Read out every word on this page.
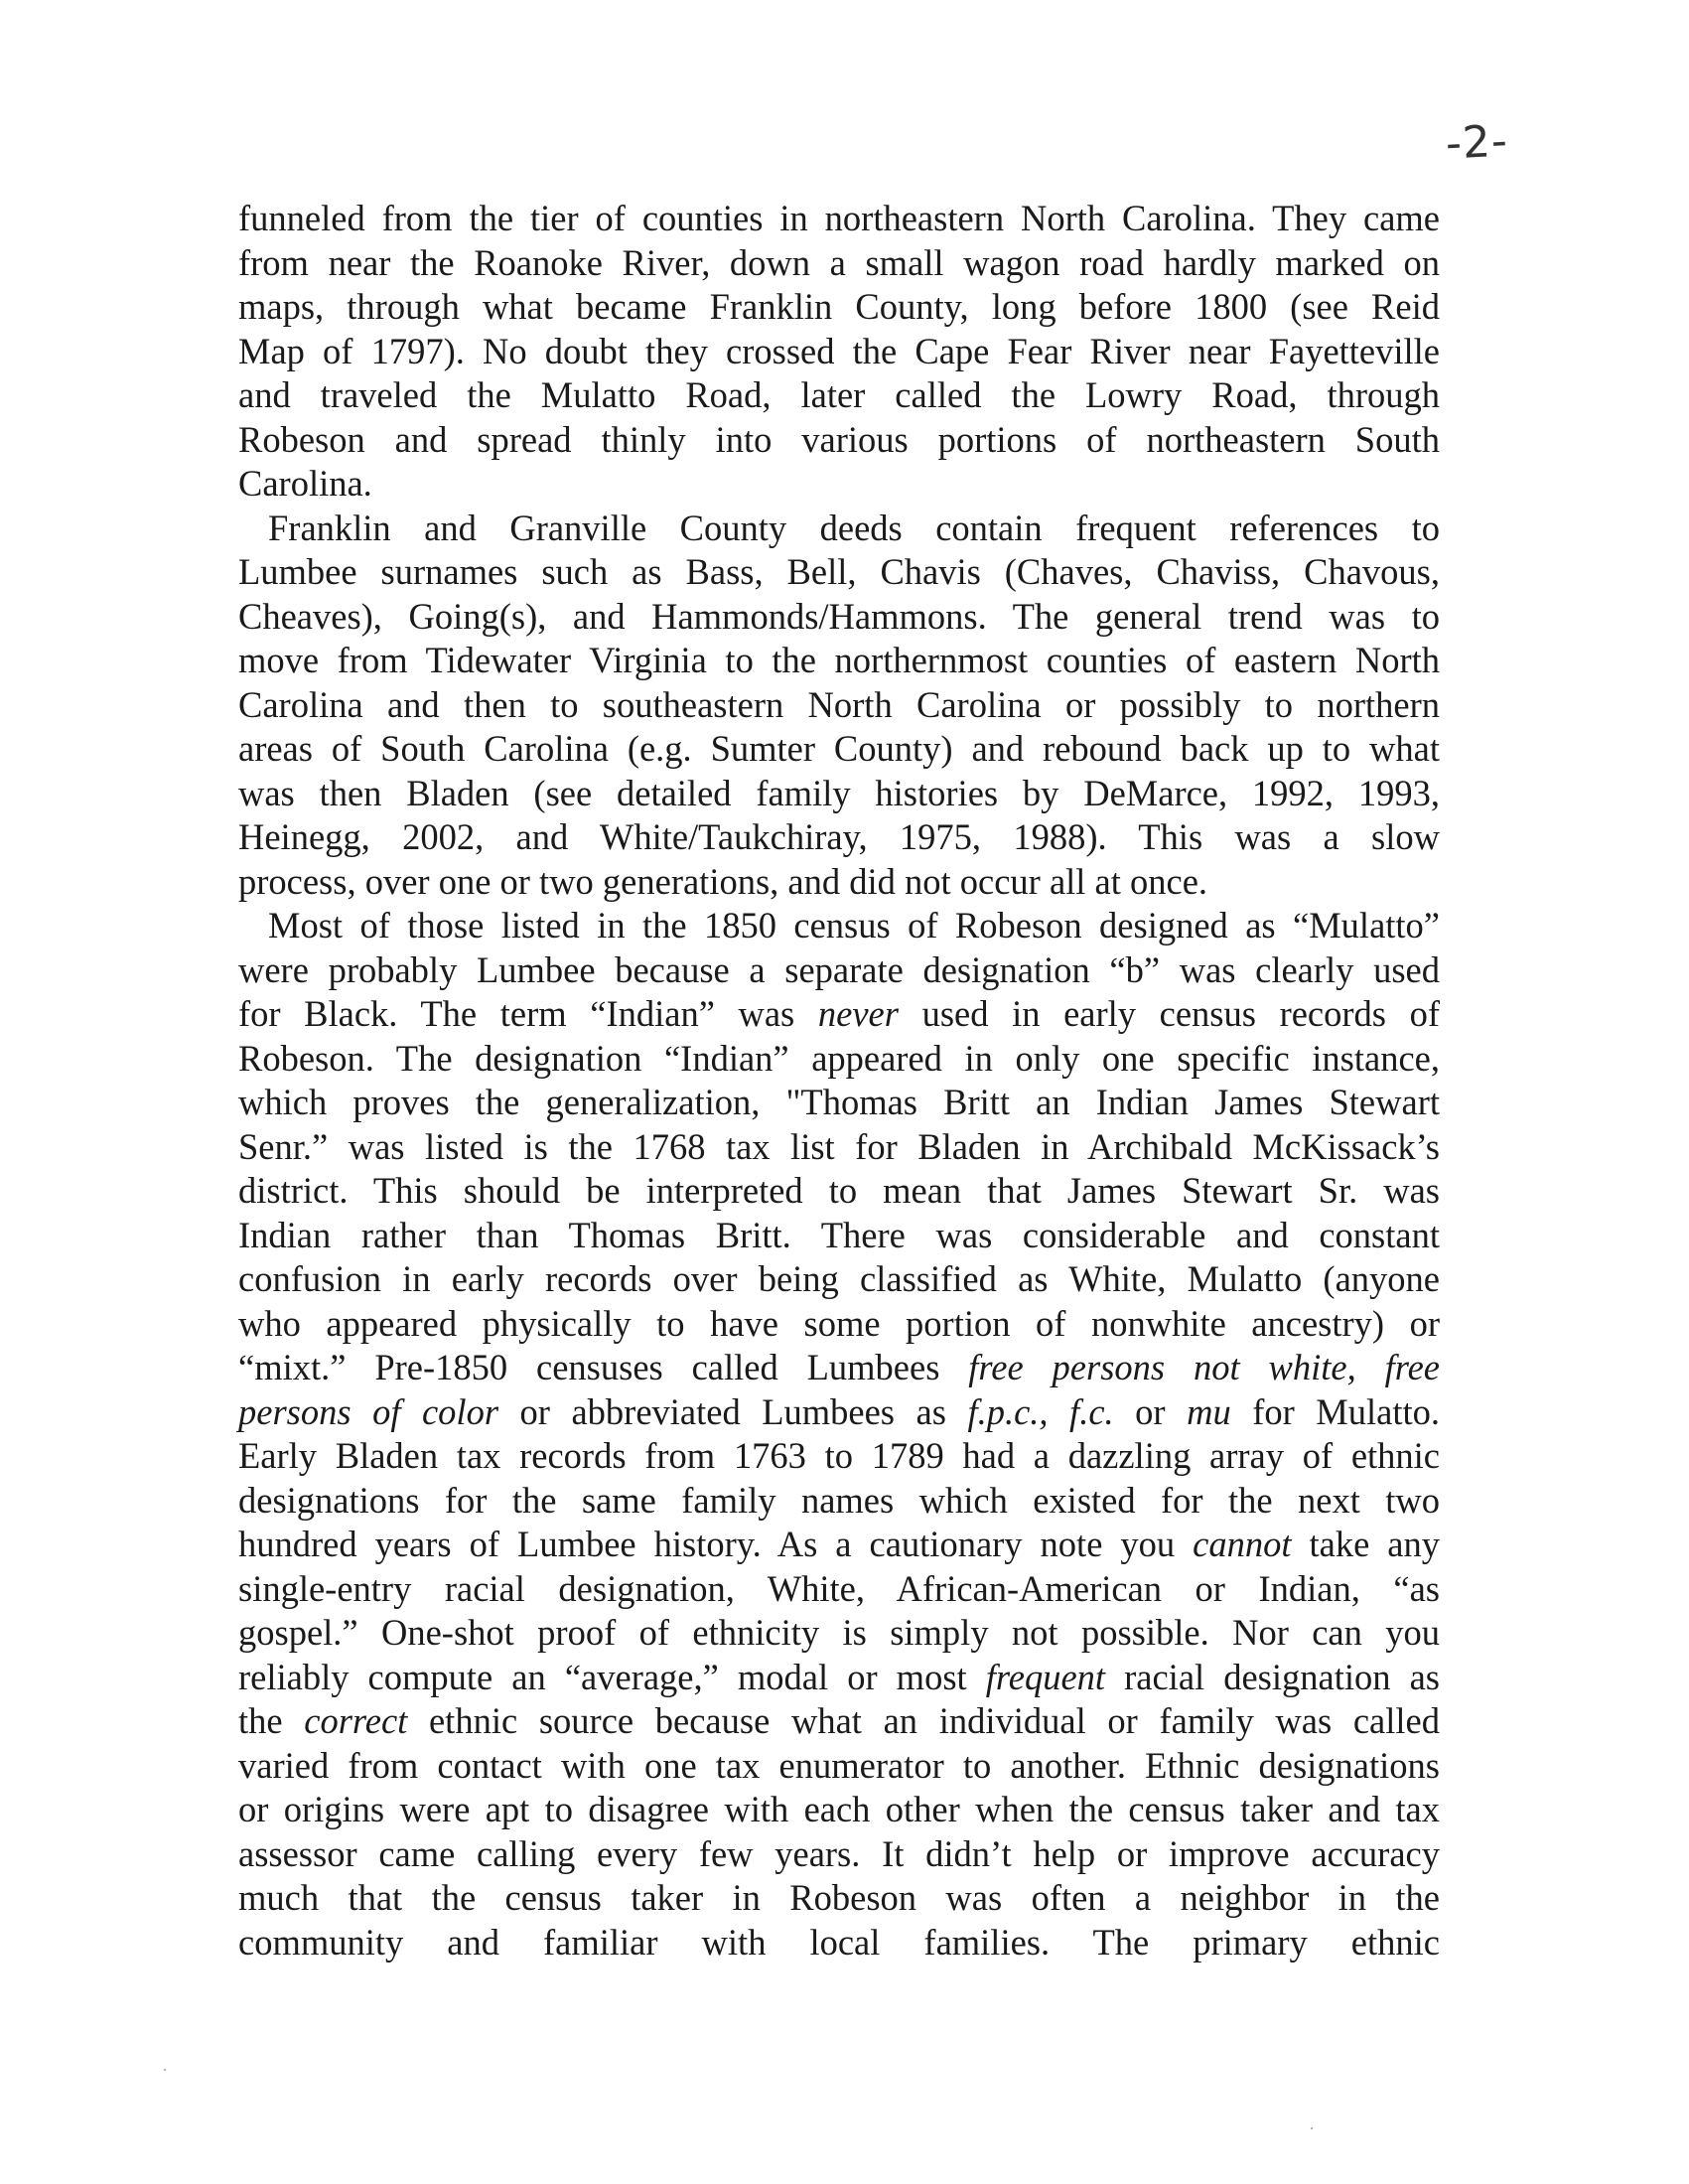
-2-
funneled from the tier of counties in northeastern North Carolina. They came
from near the Roanoke River, down a small wagon road hardly marked on
maps, through what became Franklin County, long before 1800 (see Reid
Map of 1797). No doubt they crossed the Cape Fear River near Fayetteville
and traveled the Mulatto Road, later called the Lowry Road, through
Robeson and spread thinly into various portions of northeastern South
Carolina.
Franklin and Granville County deeds contain frequent references to
Lumbee surnames such as Bass, Bell, Chavis (Chaves, Chaviss, Chavous,
Cheaves), Going(s), and Hammonds/Hammons. The general trend was to
move from Tidewater Virginia to the northernmost counties of eastern North
Carolina and then to southeastern North Carolina or possibly to northern
areas of South Carolina (e.g. Sumter County) and rebound back up to what
was then Bladen (see detailed family histories by DeMarce, 1992, 1993,
Heinegg, 2002, and White/Taukchiray, 1975, 1988). This was a slow
process, over one or two generations, and did not occur all at once.
Most of those listed in the 1850 census of Robeson designed as “Mulatto”
were probably Lumbee because a separate designation “b” was clearly used
for Black. The term “Indian” was never used in early census records of
Robeson. The designation “Indian” appeared in only one specific instance,
which proves the generalization, "Thomas Britt an Indian James Stewart
Senr.” was listed is the 1768 tax list for Bladen in Archibald McKissack’s
district. This should be interpreted to mean that James Stewart Sr. was
Indian rather than Thomas Britt. There was considerable and constant
confusion in early records over being classified as White, Mulatto (anyone
who appeared physically to have some portion of nonwhite ancestry) or
“mixt.” Pre-1850 censuses called Lumbees free persons not white, free
persons of color or abbreviated Lumbees as f.p.c., f.c. or mu for Mulatto.
Early Bladen tax records from 1763 to 1789 had a dazzling array of ethnic
designations for the same family names which existed for the next two
hundred years of Lumbee history. As a cautionary note you cannot take any
single-entry racial designation, White, African-American or Indian, “as
gospel.” One-shot proof of ethnicity is simply not possible. Nor can you
reliably compute an “average,” modal or most frequent racial designation as
the correct ethnic source because what an individual or family was called
varied from contact with one tax enumerator to another. Ethnic designations
or origins were apt to disagree with each other when the census taker and tax
assessor came calling every few years. It didn’t help or improve accuracy
much that the census taker in Robeson was often a neighbor in the
community and familiar with local families. The primary ethnic
